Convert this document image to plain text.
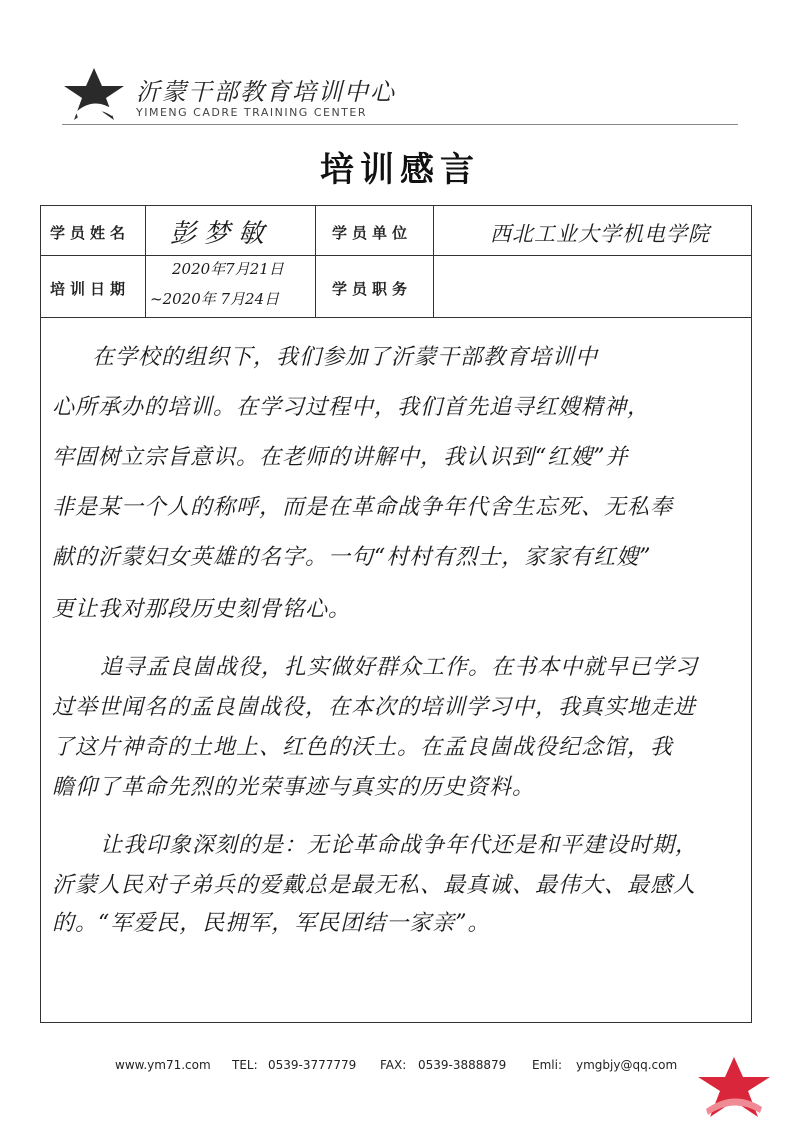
沂蒙干部教育培训中心
YIMENG CADRE TRAINING CENTER
培训感言
学员姓名 彭梦敏	学员单位	西北工业大学机电学院
培训日期
2020年7月21日
~2020年 7月24日
学员职务
在学校的组织下，我们参加了沂蒙干部教育培训中
心所承办的培训。在学习过程中，我们首先追寻红嫂精神，
牢固树立宗旨意识。在老师的讲解中，我认识到“红嫂”并
非是某一个人的称呼，而是在革命战争年代舍生忘死、无私奉
献的沂蒙妇女英雄的名字。一句“村村有烈士，家家有红嫂”
更让我对那段历史刻骨铭心。
追寻孟良崮战役，扎实做好群众工作。在书本中就早已学习
过举世闻名的孟良崮战役，在本次的培训学习中，我真实地走进
了这片神奇的土地上、红色的沃土。在孟良崮战役纪念馆，我
瞻仰了革命先烈的光荣事迹与真实的历史资料。
让我印象深刻的是：无论革命战争年代还是和平建设时期，
沂蒙人民对子弟兵的爱戴总是最无私、最真诚、最伟大、最感人
的。“军爱民，民拥军，军民团结一家亲”。
www.ym71.com TEL: 0539-3777779 FAX: 0539-3888879 Emli: ymgbjy@qq.com
